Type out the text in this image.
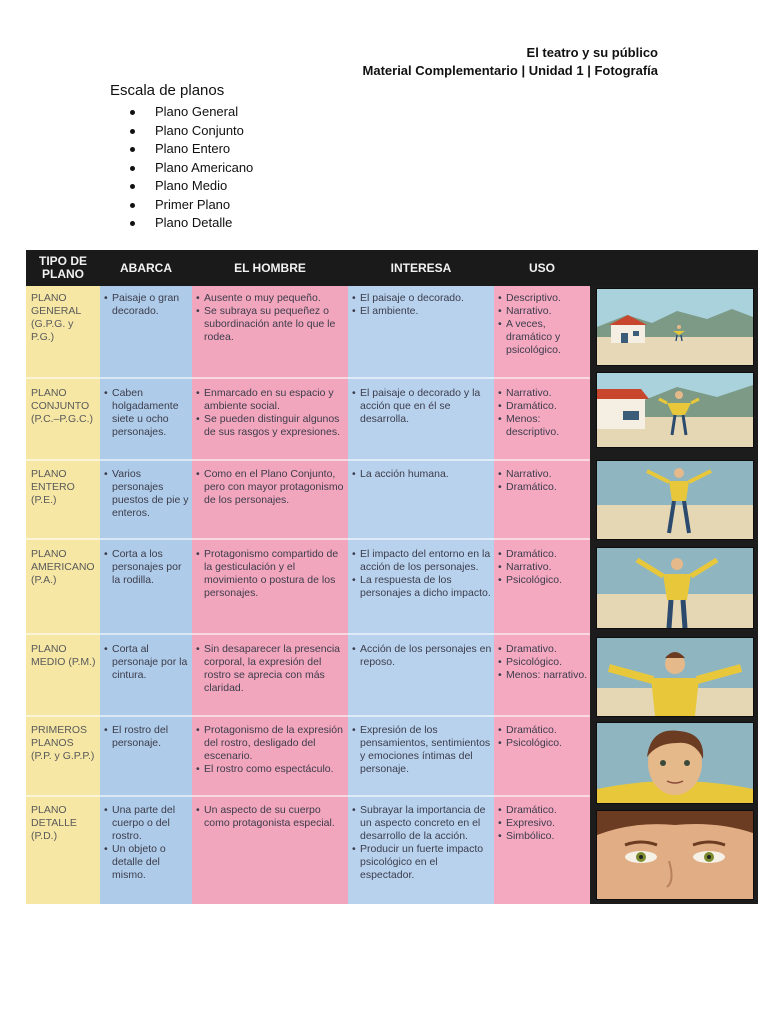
El teatro y su público
Material Complementario | Unidad 1 | Fotografía
Escala de planos
Plano General
Plano Conjunto
Plano Entero
Plano Americano
Plano Medio
Primer Plano
Plano Detalle
TIPO DE PLANO	ABARCA	EL HOMBRE	INTERESA	USO
PLANO GENERAL (G.P.G. y P.G.)
• Paisaje o gran decorado.
• Ausente o muy pequeño.
• Se subraya su pequeñez o subordinación ante lo que le rodea.
• El paisaje o decorado.
• El ambiente.
• Descriptivo.
• Narrativo.
• A veces, dramático y psicológico.
PLANO CONJUNTO (P.C.–P.G.C.)
• Caben holgadamente siete u ocho personajes.
• Enmarcado en su espacio y ambiente social.
• Se pueden distinguir algunos de sus rasgos y expresiones.
• El paisaje o decorado y la acción que en él se desarrolla.
• Narrativo.
• Dramático.
• Menos: descriptivo.
PLANO ENTERO (P.E.)
• Varios personajes puestos de pie y enteros.
• Como en el Plano Conjunto, pero con mayor protagonismo de los personajes.
• La acción humana.
•	Narrativo.
• Dramático.
PLANO AMERICANO (P.A.)
• Corta a los personajes por la rodilla.
• Protagonismo compartido de la gesticulación y el movimiento o postura de los personajes.
• El impacto del entorno en la acción de los personajes.
• La respuesta de los personajes a dicho impacto.
• Dramático.
• Narrativo.
• Psicológico.
PLANO MEDIO (P.M.)
• Corta al personaje por la cintura.
• Sin desaparecer la presencia corporal, la expresión del rostro se aprecia con más claridad.
• Acción de los personajes en reposo.
• Dramativo.
• Psicológico.
• Menos: narrativo.
PRIMEROS PLANOS (P.P. y G.P.P.)
• El rostro del personaje.
• Protagonismo de la expresión del rostro, desligado del escenario.
• El rostro como espectáculo.
• Expresión de los pensamientos, sentimientos y emociones íntimas del personaje.
• Dramático.
• Psicológico.
PLANO DETALLE (P.D.)
• Una parte del cuerpo o del rostro.
• Un objeto o detalle del mismo.
• Un aspecto de su cuerpo como protagonista especial.
• Subrayar la importancia de un aspecto concreto en el desarrollo de la acción.
• Producir un fuerte impacto psicológico en el espectador.
• Dramático.
• Expresivo.
• Simbólico.
